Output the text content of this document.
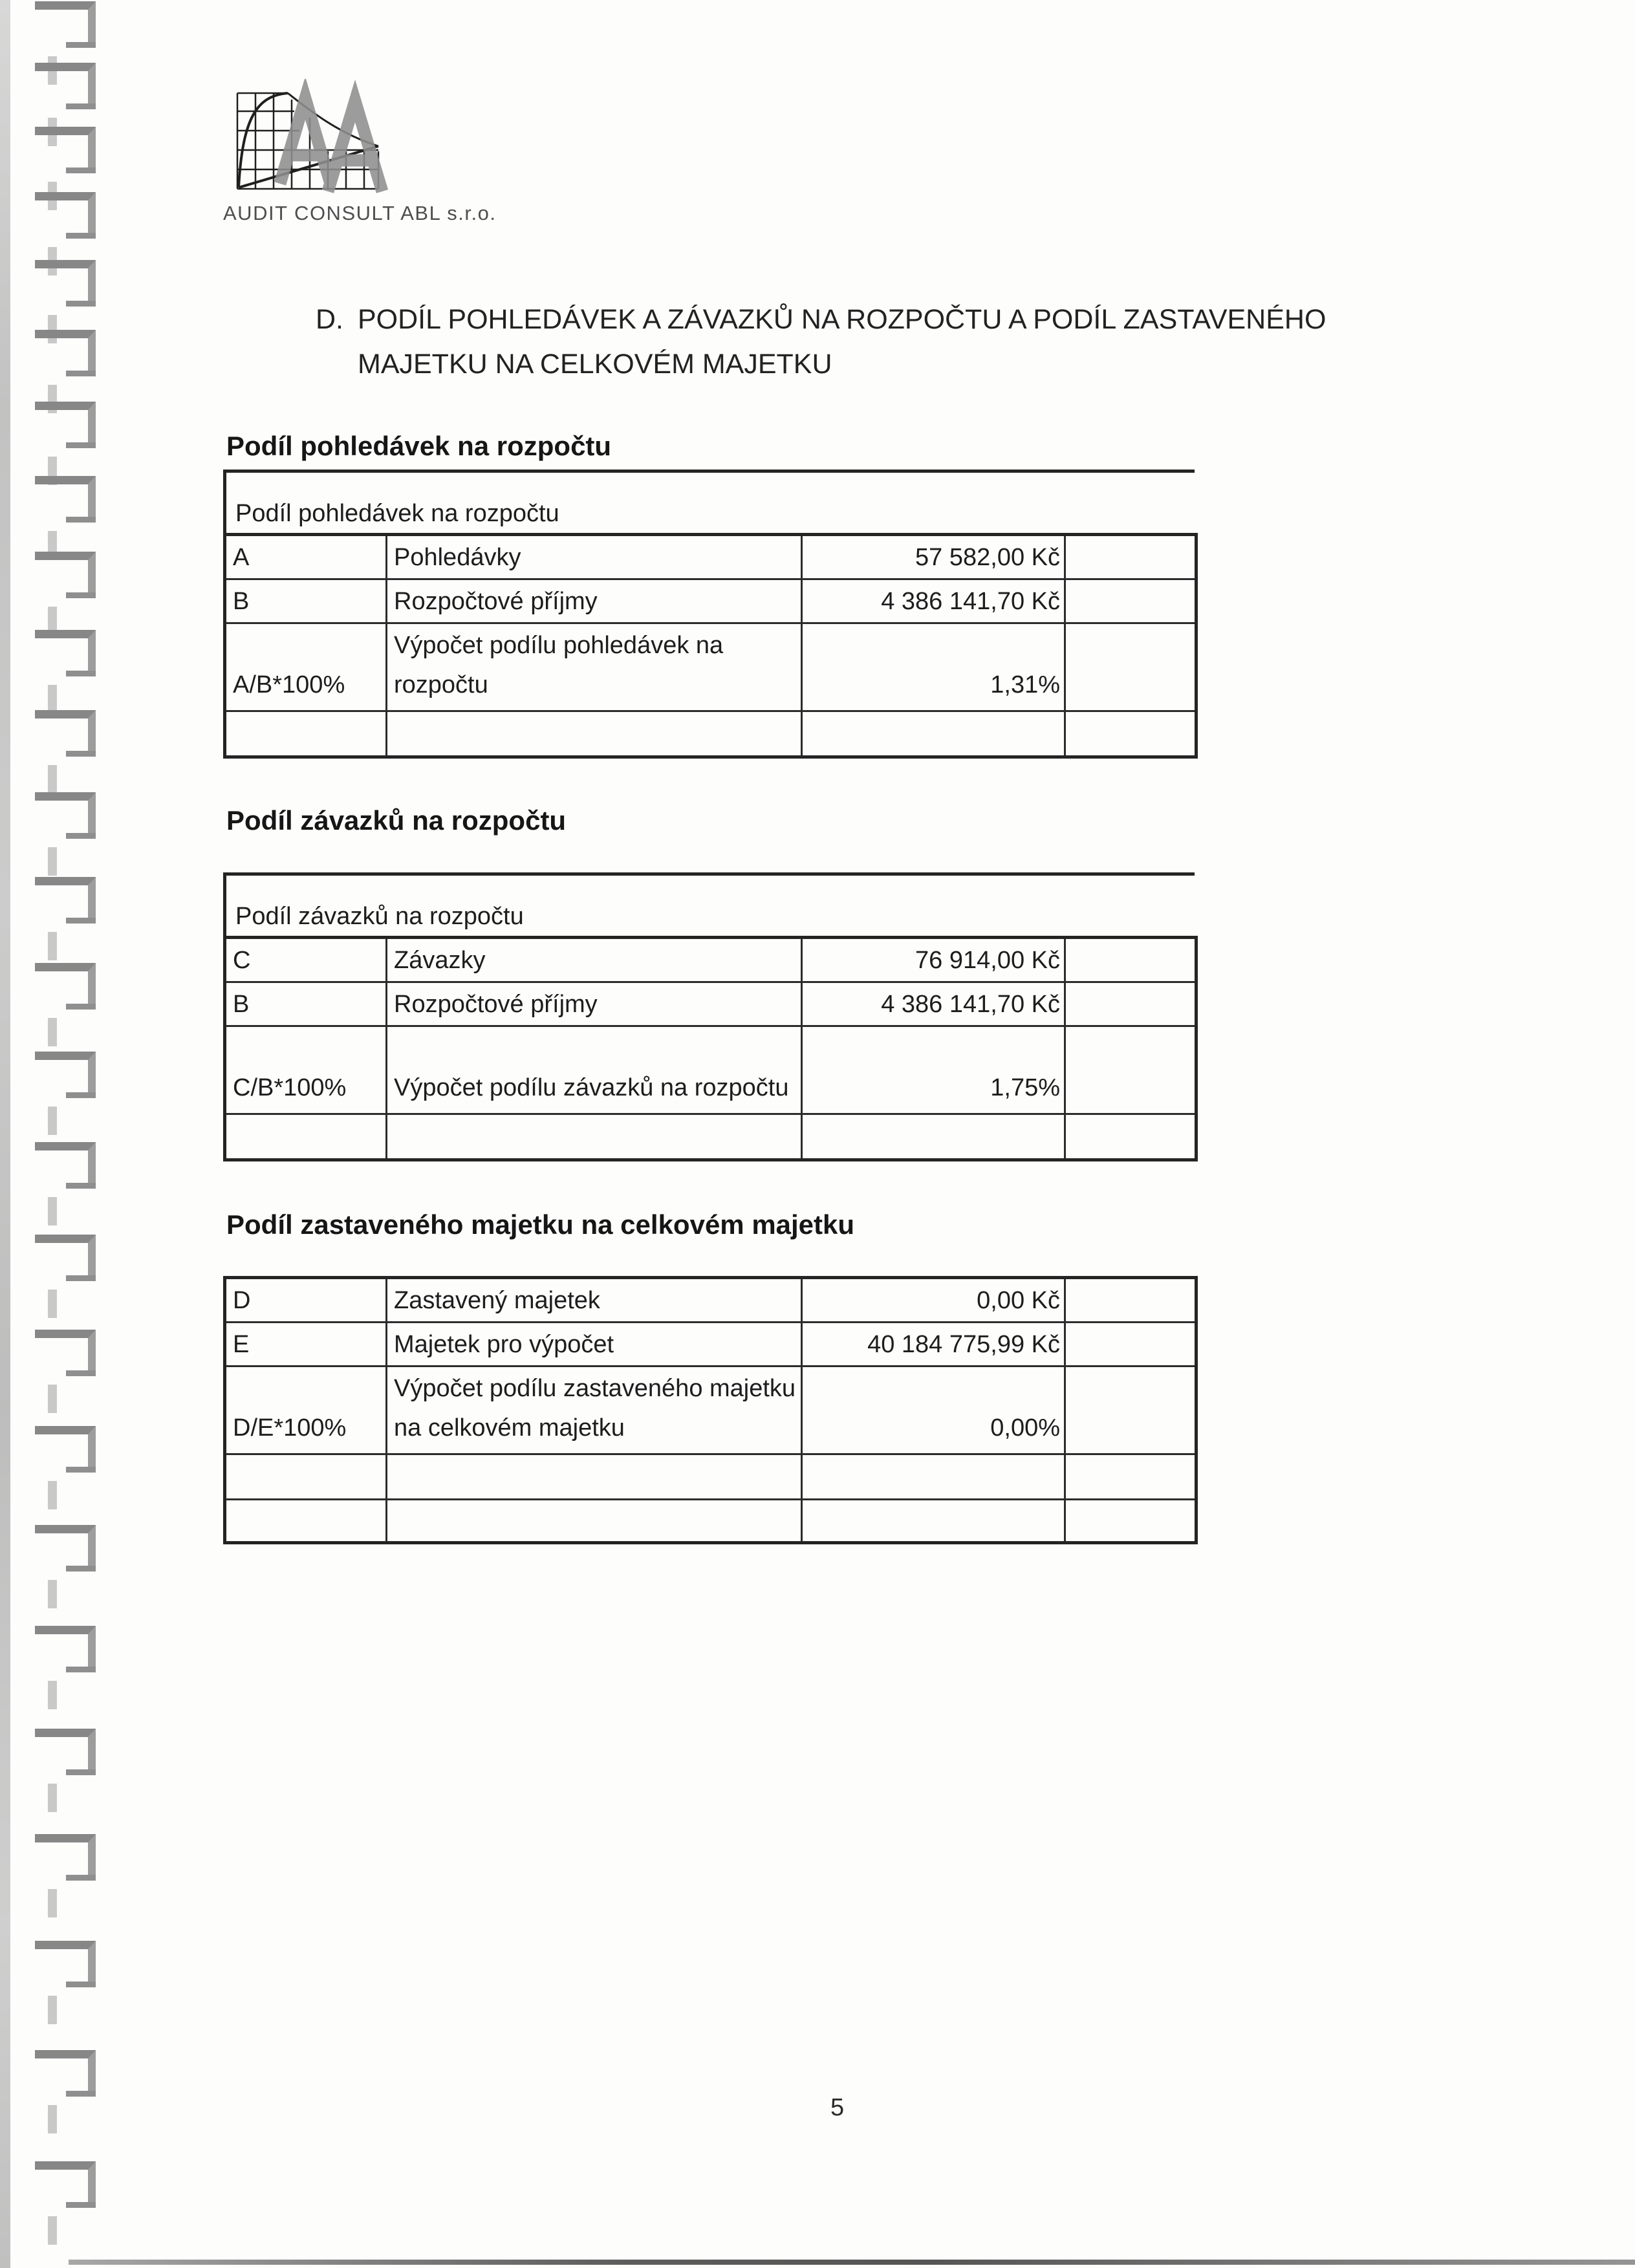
AUDIT CONSULT ABL s.r.o.
D. PODÍL POHLEDÁVEK A ZÁVAZKŮ NA ROZPOČTU A PODÍL ZASTAVENÉHO MAJETKU NA CELKOVÉM MAJETKU
Podíl pohledávek na rozpočtu
Podíl pohledávek na rozpočtu
A	Pohledávky	57 582,00 Kč	
B	Rozpočtové příjmy	4 386 141,70 Kč	
A/B*100%	Výpočet podílu pohledávek na rozpočtu	1,31%	

Podíl závazků na rozpočtu
Podíl závazků na rozpočtu
C	Závazky	76 914,00 Kč	
B	Rozpočtové příjmy	4 386 141,70 Kč	
C/B*100%	Výpočet podílu závazků na rozpočtu	1,75%	

Podíl zastaveného majetku na celkovém majetku
D	Zastavený majetek	0,00 Kč	
E	Majetek pro výpočet	40 184 775,99 Kč	
D/E*100%	Výpočet podílu zastaveného majetku na celkovém majetku	0,00%	

5
